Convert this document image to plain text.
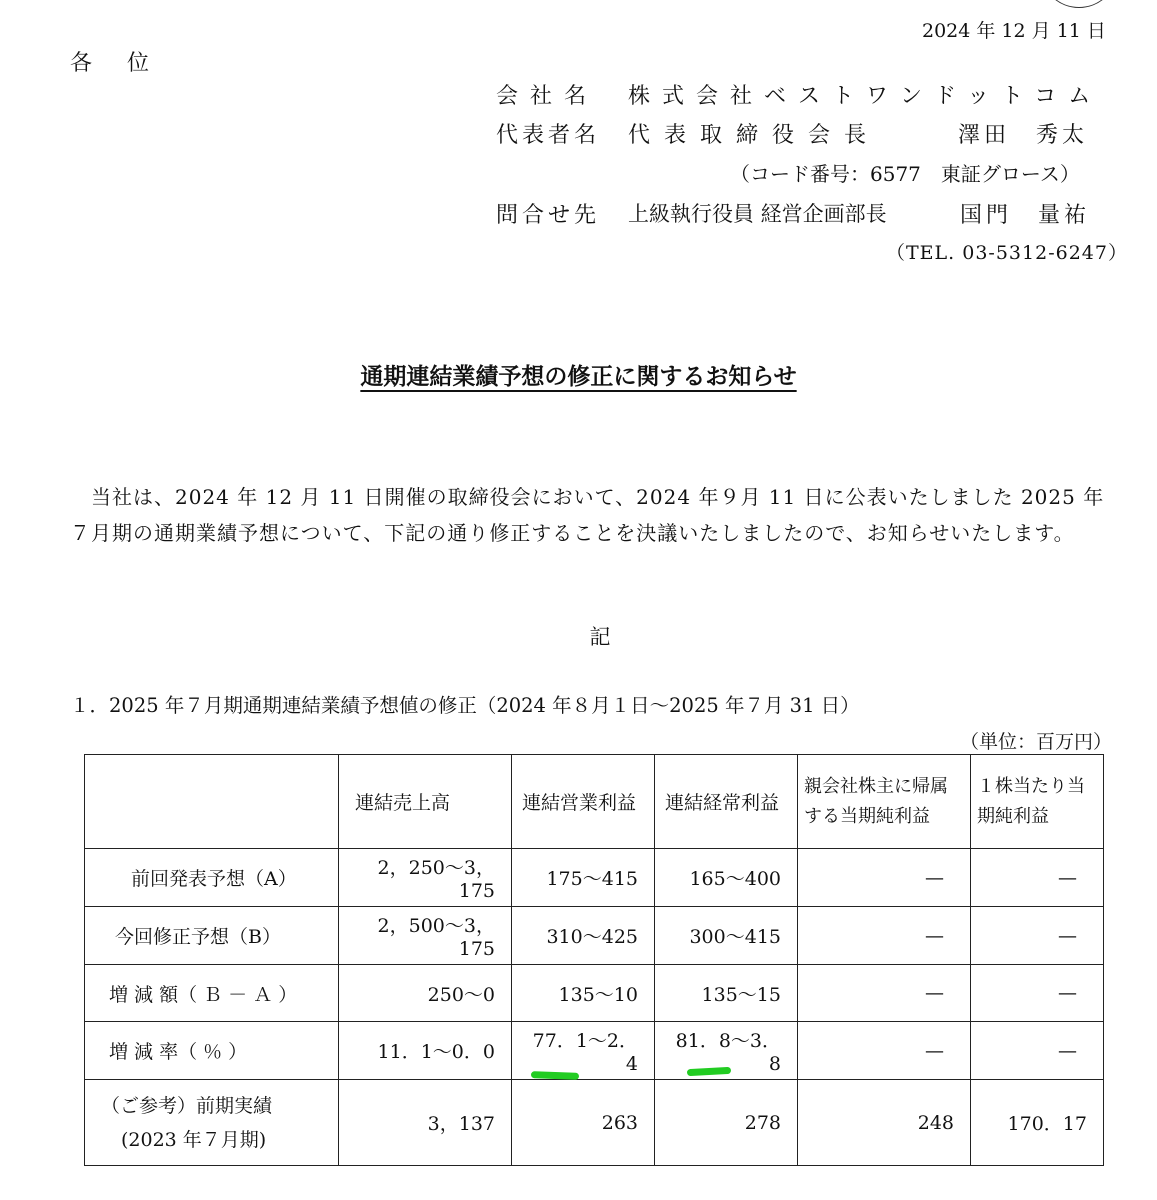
2024 年 12 月 11 日
各 位
会社名 株式会社ベストワンドットコム
代表者名 代表取締役会長	澤田　秀太
（コード番号：6577　東証グロース）
問合せ先 上級執行役員 経営企画部長	国門　量祐
（TEL. 03-5312-6247）
通期連結業績予想の修正に関するお知らせ
　当社は、2024 年 12 月 11 日開催の取締役会において、2024 年９月 11 日に公表いたしました 2025 年７月期の通期業績予想について、下記の通り修正することを決議いたしましたので、お知らせいたします。
記
１．2025 年７月期通期連結業績予想値の修正（2024 年８月１日～2025 年７月 31 日）
（単位：百万円）
	連結売上高	連結営業利益	連結経常利益	親会社株主に帰属する当期純利益	１株当たり当期純利益
前回発表予想（A）	2，250～3，175	175～415	165～400	—	—
今回修正予想（B）	2，500～3，175	310～425	300～415	—	—
増 減 額（ Ｂ － Ａ ）	250～0	135～10	135～15	—	—
増 減 率（ ％ ）	11．1～0．0	77．1～2．4	81．8～3．8	—	—

（ご参考）前期実績
(2023 年７月期)	3，137	263	278	248	170．17
